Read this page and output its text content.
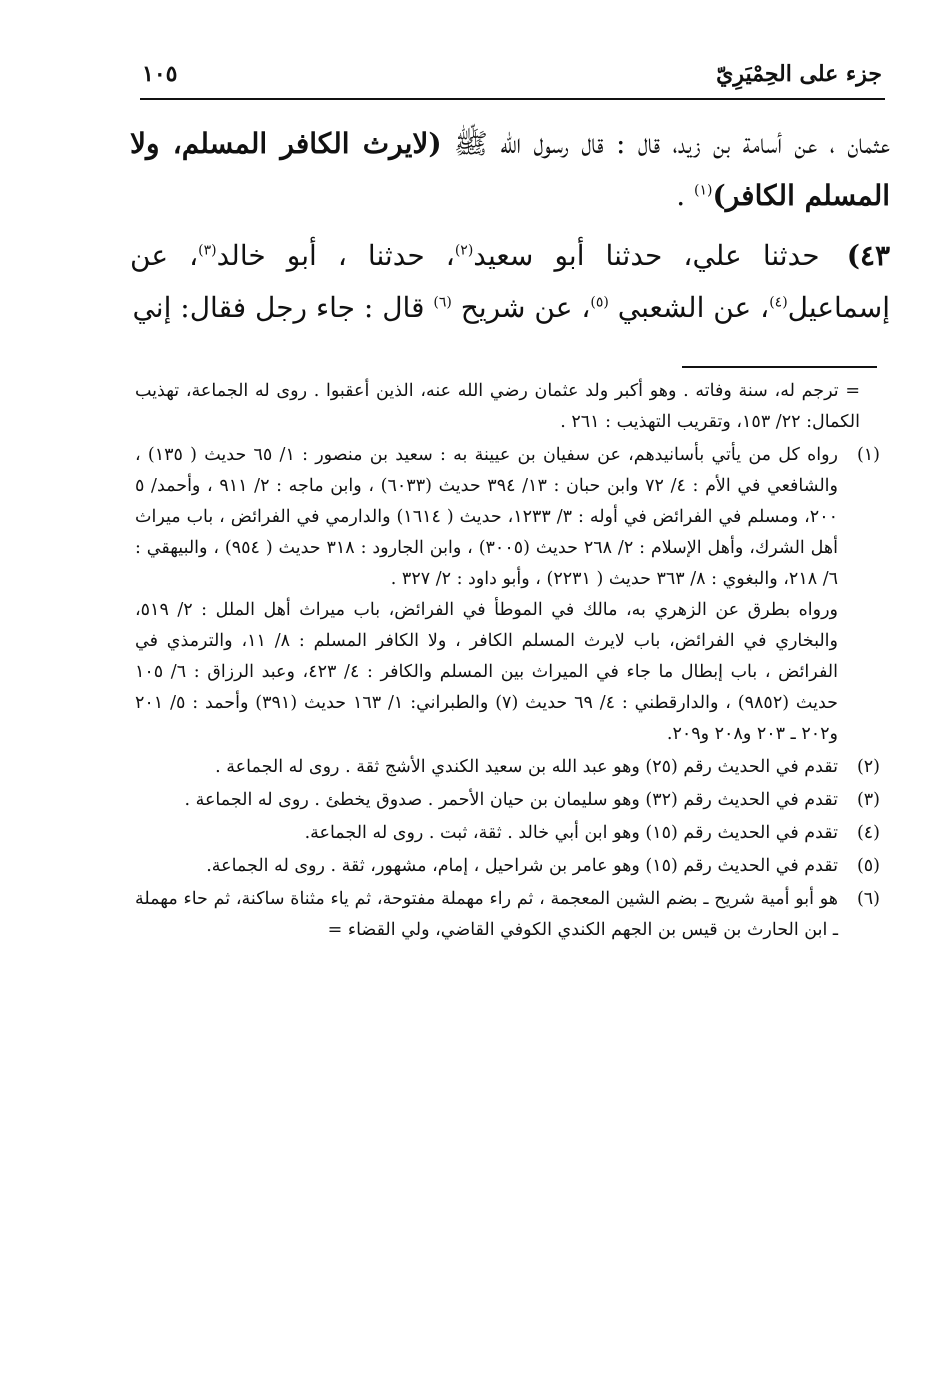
جزء على الحِمْيَرِيّ
١٠٥

عثمان ، عن أسامة بن زيد، قال : قال رسول الله ﷺ (لايرث الكافر المسلم، ولا المسلم الكافر)$^{(١)}$ .

٤٣) حدثنا علي، حدثنا أبو سعيد$^{(٢)}$، حدثنا ، أبو خالد$^{(٣)}$، عن إسماعيل$^{(٤)}$، عن الشعبي $^{(٥)}$، عن شريح $^{(٦)}$ قال : جاء رجل فقال: إني

= ترجم له، سنة وفاته . وهو أكبر ولد عثمان رضي الله عنه، الذين أعقبوا . روى له الجماعة، تهذيب الكمال: ٢٢/ ١٥٣، وتقريب التهذيب : ٢٦١ .
(١)
رواه كل من يأتي بأسانيدهم، عن سفيان بن عيينة به : سعيد بن منصور : ١/ ٦٥ حديث ( ١٣٥) ، والشافعي في الأم : ٤/ ٧٢ وابن حبان : ١٣/ ٣٩٤ حديث (٦٠٣٣) ، وابن ماجه : ٢/ ٩١١ ، وأحمد/ ٥ ٢٠٠، ومسلم في الفرائض في أوله : ٣/ ١٢٣٣، حديث ( ١٦١٤) والدارمي في الفرائض ، باب ميراث أهل الشرك، وأهل الإسلام : ٢/ ٢٦٨ حديث (٣٠٠٥) ، وابن الجارود : ٣١٨ حديث ( ٩٥٤) ، والبيهقي : ٦/ ٢١٨، والبغوي : ٨/ ٣٦٣ حديث ( ٢٢٣١) ، وأبو داود : ٢/ ٣٢٧ .
ورواه بطرق عن الزهري به، مالك في الموطأ في الفرائض، باب ميراث أهل الملل : ٢/ ٥١٩، والبخاري في الفرائض، باب لايرث المسلم الكافر ، ولا الكافر المسلم : ٨/ ١١، والترمذي في الفرائض ، باب إبطال ما جاء في الميراث بين المسلم والكافر : ٤/ ٤٢٣، وعبد الرزاق : ٦/ ١٠٥ حديث (٩٨٥٢) ، والدارقطني : ٤/ ٦٩ حديث (٧) والطبراني: ١/ ١٦٣ حديث (٣٩١) وأحمد : ٥/ ٢٠١ و٢٠٢ ـ ٢٠٣ و٢٠٨ و٢٠٩.
(٢)
تقدم في الحديث رقم (٢٥) وهو عبد الله بن سعيد الكندي الأشج ثقة . روى له الجماعة .
(٣)
تقدم في الحديث رقم (٣٢) وهو سليمان بن حيان الأحمر . صدوق يخطئ . روى له الجماعة .
(٤)
تقدم في الحديث رقم (١٥) وهو ابن أبي خالد . ثقة، ثبت . روى له الجماعة.
(٥)
تقدم في الحديث رقم (١٥) وهو عامر بن شراحيل ، إمام، مشهور، ثقة . روى له الجماعة.
(٦)
هو أبو أمية شريح ـ بضم الشين المعجمة ، ثم راء مهملة مفتوحة، ثم ياء مثناة ساكنة، ثم حاء مهملة ـ ابن الحارث بن قيس بن الجهم الكندي الكوفي القاضي، ولي القضاء =
